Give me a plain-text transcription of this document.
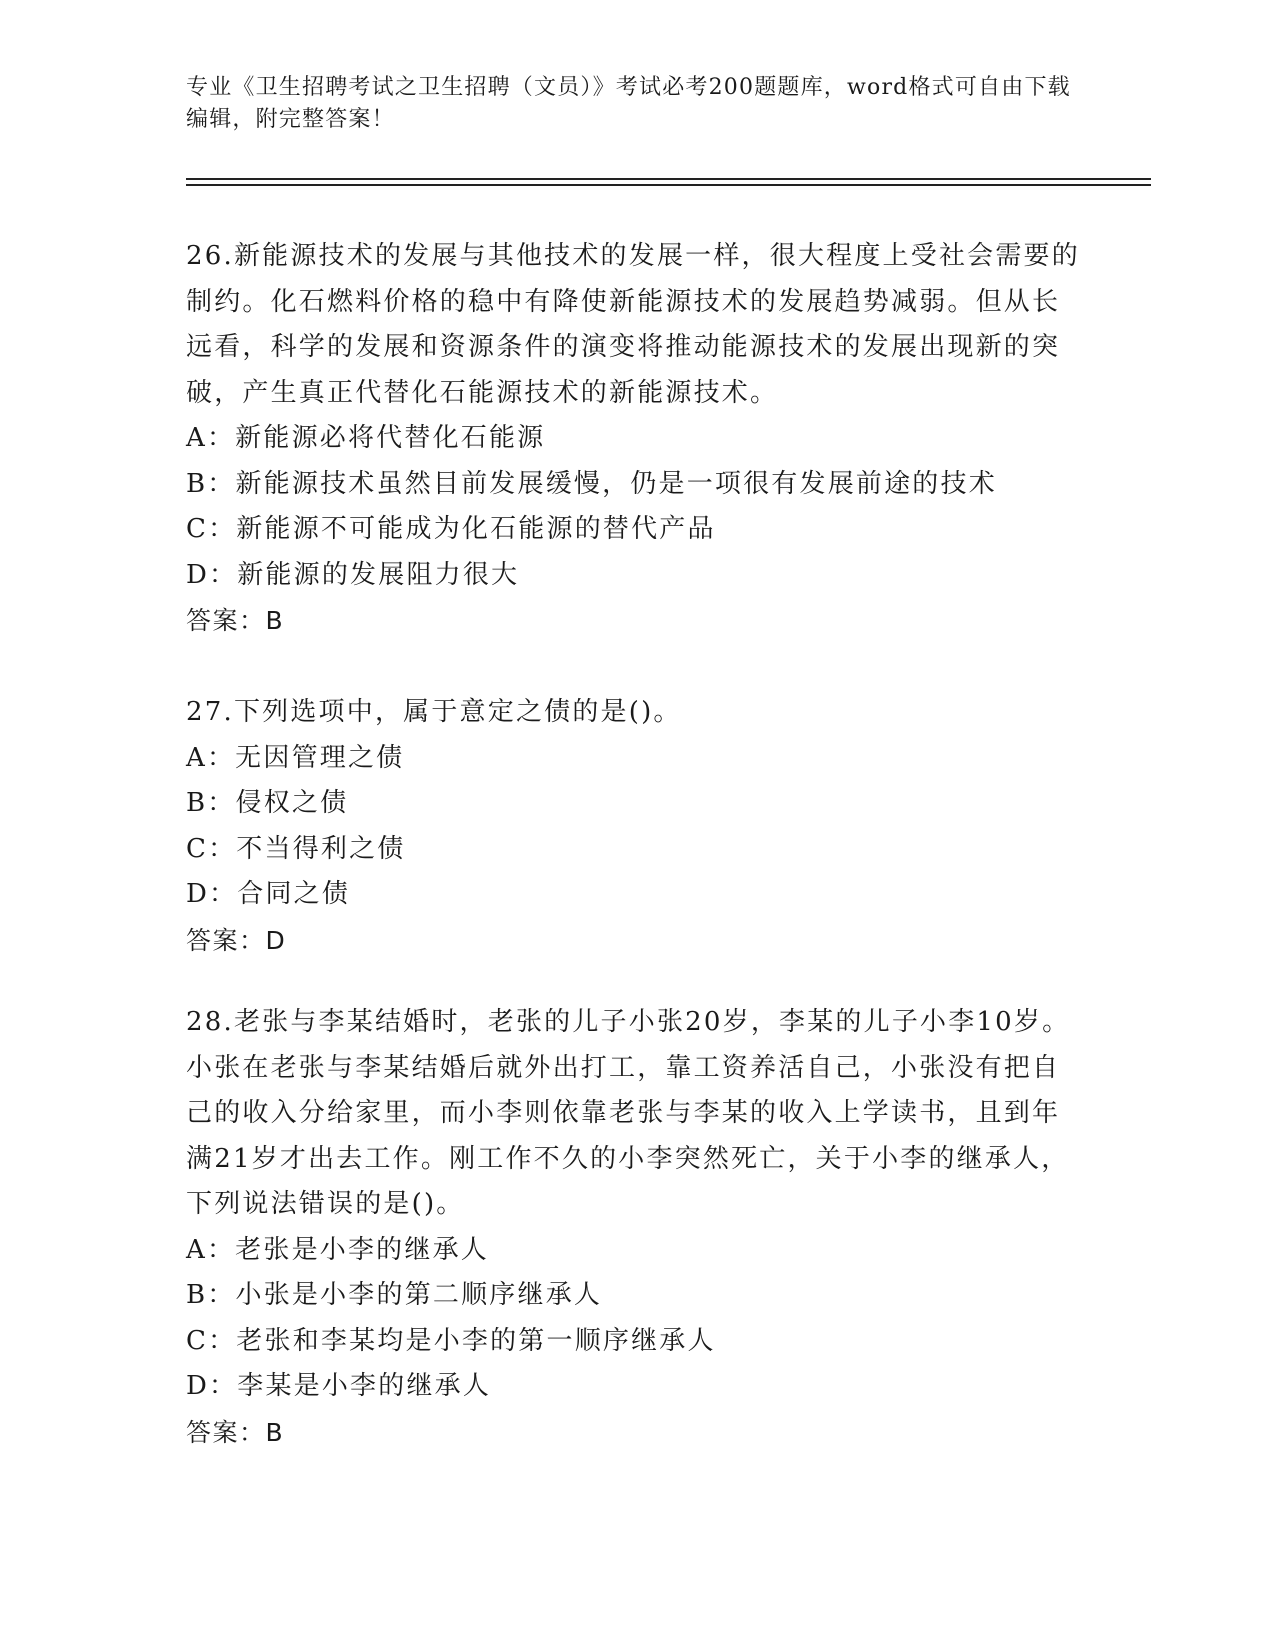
专业《卫生招聘考试之卫生招聘（文员）》考试必考200题题库，word格式可自由下载编辑，附完整答案！

26.新能源技术的发展与其他技术的发展一样，很大程度上受社会需要的制约。化石燃料价格的稳中有降使新能源技术的发展趋势减弱。但从长远看，科学的发展和资源条件的演变将推动能源技术的发展出现新的突破，产生真正代替化石能源技术的新能源技术。

A：新能源必将代替化石能源

B：新能源技术虽然目前发展缓慢，仍是一项很有发展前途的技术

C：新能源不可能成为化石能源的替代产品

D：新能源的发展阻力很大

答案：B

27.下列选项中，属于意定之债的是()。

A：无因管理之债

B：侵权之债

C：不当得利之债

D：合同之债

答案：D

28.老张与李某结婚时，老张的儿子小张20岁，李某的儿子小李10岁。小张在老张与李某结婚后就外出打工，靠工资养活自己，小张没有把自己的收入分给家里，而小李则依靠老张与李某的收入上学读书，且到年满21岁才出去工作。刚工作不久的小李突然死亡，关于小李的继承人，下列说法错误的是()。

A：老张是小李的继承人

B：小张是小李的第二顺序继承人

C：老张和李某均是小李的第一顺序继承人

D：李某是小李的继承人

答案：B
